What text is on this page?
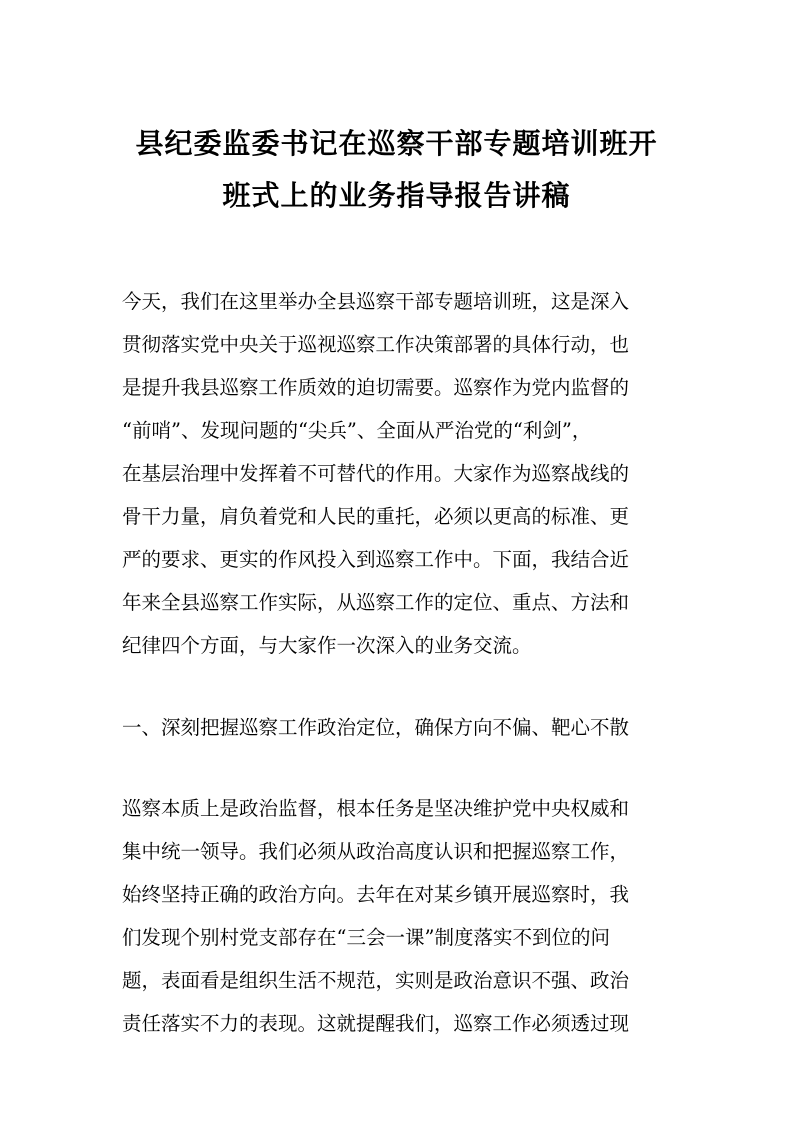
县纪委监委书记在巡察干部专题培训班开
班式上的业务指导报告讲稿
今天，我们在这里举办全县巡察干部专题培训班，这是深入
贯彻落实党中央关于巡视巡察工作决策部署的具体行动，也
是提升我县巡察工作质效的迫切需要。巡察作为党内监督的
“前哨”、发现问题的“尖兵”、全面从严治党的“利剑”，
在基层治理中发挥着不可替代的作用。大家作为巡察战线的
骨干力量，肩负着党和人民的重托，必须以更高的标准、更
严的要求、更实的作风投入到巡察工作中。下面，我结合近
年来全县巡察工作实际，从巡察工作的定位、重点、方法和
纪律四个方面，与大家作一次深入的业务交流。
一、深刻把握巡察工作政治定位，确保方向不偏、靶心不散
巡察本质上是政治监督，根本任务是坚决维护党中央权威和
集中统一领导。我们必须从政治高度认识和把握巡察工作，
始终坚持正确的政治方向。去年在对某乡镇开展巡察时，我
们发现个别村党支部存在“三会一课”制度落实不到位的问
题，表面看是组织生活不规范，实则是政治意识不强、政治
责任落实不力的表现。这就提醒我们，巡察工作必须透过现
